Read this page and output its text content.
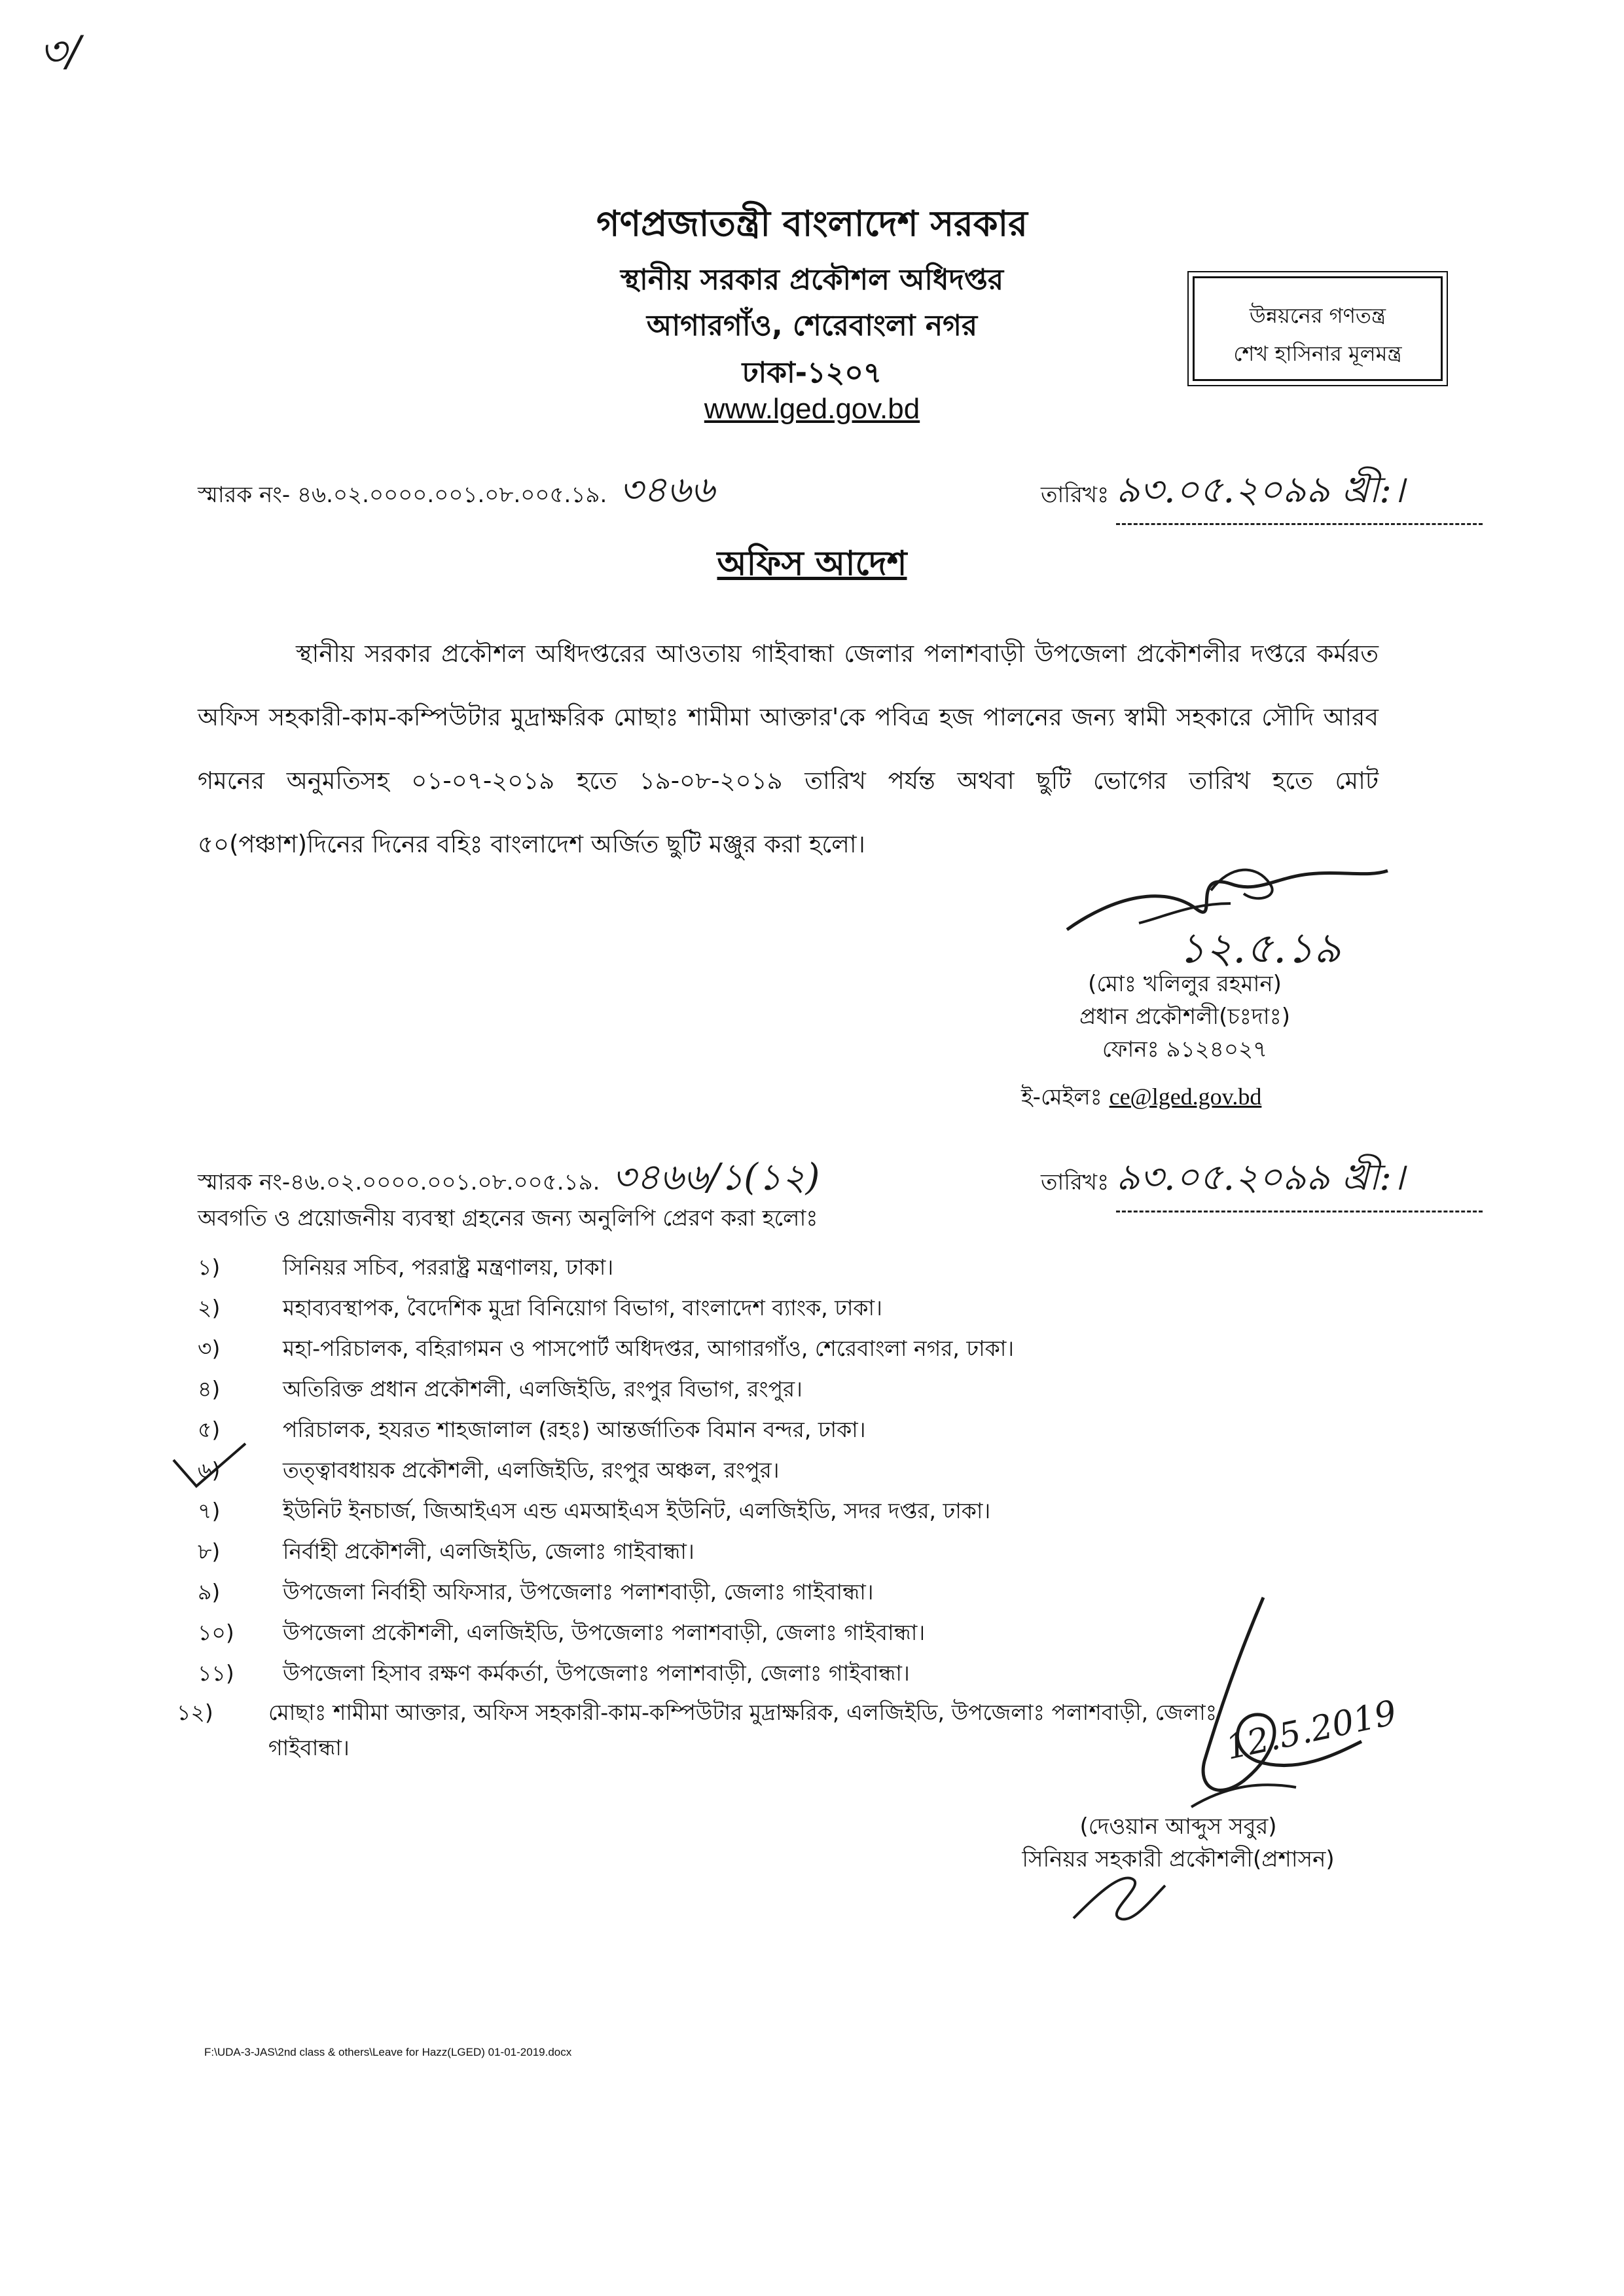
৩/
গণপ্রজাতন্ত্রী বাংলাদেশ সরকার
স্থানীয় সরকার প্রকৌশল অধিদপ্তর
আগারগাঁও, শেরেবাংলা নগর
ঢাকা-১২০৭
www.lged.gov.bd
উন্নয়নের গণতন্ত্র
শেখ হাসিনার মূলমন্ত্র
স্মারক নং- ৪৬.০২.০০০০.০০১.০৮.০০৫.১৯. ৩৪৬৬	তারিখঃ ৯৩.০৫.২০৯৯ খ্রী:।
অফিস আদেশ
স্থানীয় সরকার প্রকৌশল অধিদপ্তরের আওতায় গাইবান্ধা জেলার পলাশবাড়ী উপজেলা প্রকৌশলীর দপ্তরে কর্মরত অফিস সহকারী-কাম-কম্পিউটার মুদ্রাক্ষরিক মোছাঃ শামীমা আক্তার'কে পবিত্র হজ পালনের জন্য স্বামী সহকারে সৌদি আরব গমনের অনুমতিসহ ০১-০৭-২০১৯ হতে ১৯-০৮-২০১৯ তারিখ পর্যন্ত অথবা ছুটি ভোগের তারিখ হতে মোট ৫০(পঞ্চাশ)দিনের দিনের বহিঃ বাংলাদেশ অর্জিত ছুটি মঞ্জুর করা হলো।
১২.৫.১৯
(মোঃ খলিলুর রহমান)
প্রধান প্রকৌশলী(চঃদাঃ)
ফোনঃ ৯১২৪০২৭
ই-মেইলঃ ce@lged.gov.bd
স্মারক নং-৪৬.০২.০০০০.০০১.০৮.০০৫.১৯. ৩৪৬৬/১(১২)	তারিখঃ ৯৩.০৫.২০৯৯ খ্রী:।
অবগতি ও প্রয়োজনীয় ব্যবস্থা গ্রহনের জন্য অনুলিপি প্রেরণ করা হলোঃ
১)	সিনিয়র সচিব, পররাষ্ট্র মন্ত্রণালয়, ঢাকা।
২)	মহাব্যবস্থাপক, বৈদেশিক মুদ্রা বিনিয়োগ বিভাগ, বাংলাদেশ ব্যাংক, ঢাকা।
৩)	মহা-পরিচালক, বহিরাগমন ও পাসপোর্ট অধিদপ্তর, আগারগাঁও, শেরেবাংলা নগর, ঢাকা।
৪)	অতিরিক্ত প্রধান প্রকৌশলী, এলজিইডি, রংপুর বিভাগ, রংপুর।
৫)	পরিচালক, হযরত শাহজালাল (রহঃ) আন্তর্জাতিক বিমান বন্দর, ঢাকা।
৬)	তত্ত্বাবধায়ক প্রকৌশলী, এলজিইডি, রংপুর অঞ্চল, রংপুর।
৭)	ইউনিট ইনচার্জ, জিআইএস এন্ড এমআইএস ইউনিট, এলজিইডি, সদর দপ্তর, ঢাকা।
৮)	নির্বাহী প্রকৌশলী, এলজিইডি, জেলাঃ গাইবান্ধা।
৯)	উপজেলা নির্বাহী অফিসার, উপজেলাঃ পলাশবাড়ী, জেলাঃ গাইবান্ধা।
১০) উপজেলা প্রকৌশলী, এলজিইডি, উপজেলাঃ পলাশবাড়ী, জেলাঃ গাইবান্ধা।
১১) উপজেলা হিসাব রক্ষণ কর্মকর্তা, উপজেলাঃ পলাশবাড়ী, জেলাঃ গাইবান্ধা।
১২)	মোছাঃ শামীমা আক্তার, অফিস সহকারী-কাম-কম্পিউটার মুদ্রাক্ষরিক, এলজিইডি, উপজেলাঃ পলাশবাড়ী, জেলাঃ
গাইবান্ধা।	12.5.2019
(দেওয়ান আব্দুস সবুর)
সিনিয়র সহকারী প্রকৌশলী(প্রশাসন)
F:\UDA-3-JAS\2nd class & others\Leave for Hazz(LGED) 01-01-2019.docx
